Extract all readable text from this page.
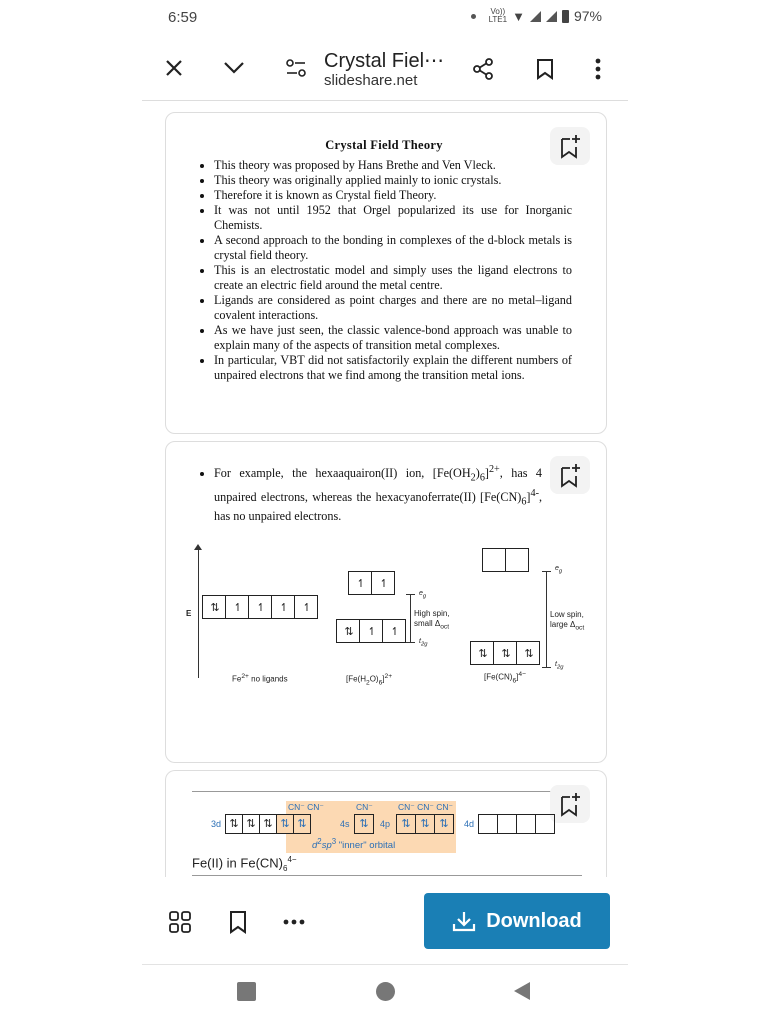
6:59	Vo))
LTE1 ▼	97%
Crystal Fiel⋯
slideshare.net
Crystal Field Theory
• This theory was proposed by Hans Brethe and Ven Vleck.
• This theory was originally applied mainly to ionic crystals.
• Therefore it is known as Crystal field Theory.
• It was not until 1952 that Orgel popularized its use for Inorganic Chemists.
• A second approach to the bonding in complexes of the d-block metals is crystal field theory.
• This is an electrostatic model and simply uses the ligand electrons to create an electric field around the metal centre.
• Ligands are considered as point charges and there are no metal–ligand covalent interactions.
• As we have just seen, the classic valence-bond approach was unable to explain many of the aspects of transition metal complexes.
• In particular, VBT did not satisfactorily explain the different numbers of unpaired electrons that we find among the transition metal ions.
• For example, the hexaaquairon(II) ion, $[Fe(OH_2)_6]^{2+}$, has 4 unpaired electrons, whereas the hexacyanoferrate(II) $[Fe(CN)_6]^{4-}$, has no unpaired electrons.
E	⇅	↿	↿	↿	↿
$Fe^{2+}$ no ligands
↿	↿
⇅	↿	↿
$e_g$
High spin,
small $\Delta_{oct}$
$t_{2g}$
$[Fe(H_2O)_6]^{2+}$
⇅	⇅	⇅
$e_g$
Low spin,
large $\Delta_{oct}$
$t_{2g}$
$[Fe(CN)_6]^{4-}$
CN⁻ CN⁻	CN⁻	CN⁻ CN⁻ CN⁻
3d ⇅ ⇅ ⇅ ⇅ ⇅	4s ⇅	4p	⇅ ⇅ ⇅	4d
$d^2sp^3$ "inner" orbital
Fe(II) in $Fe(CN)_6^{4-}$
Download
